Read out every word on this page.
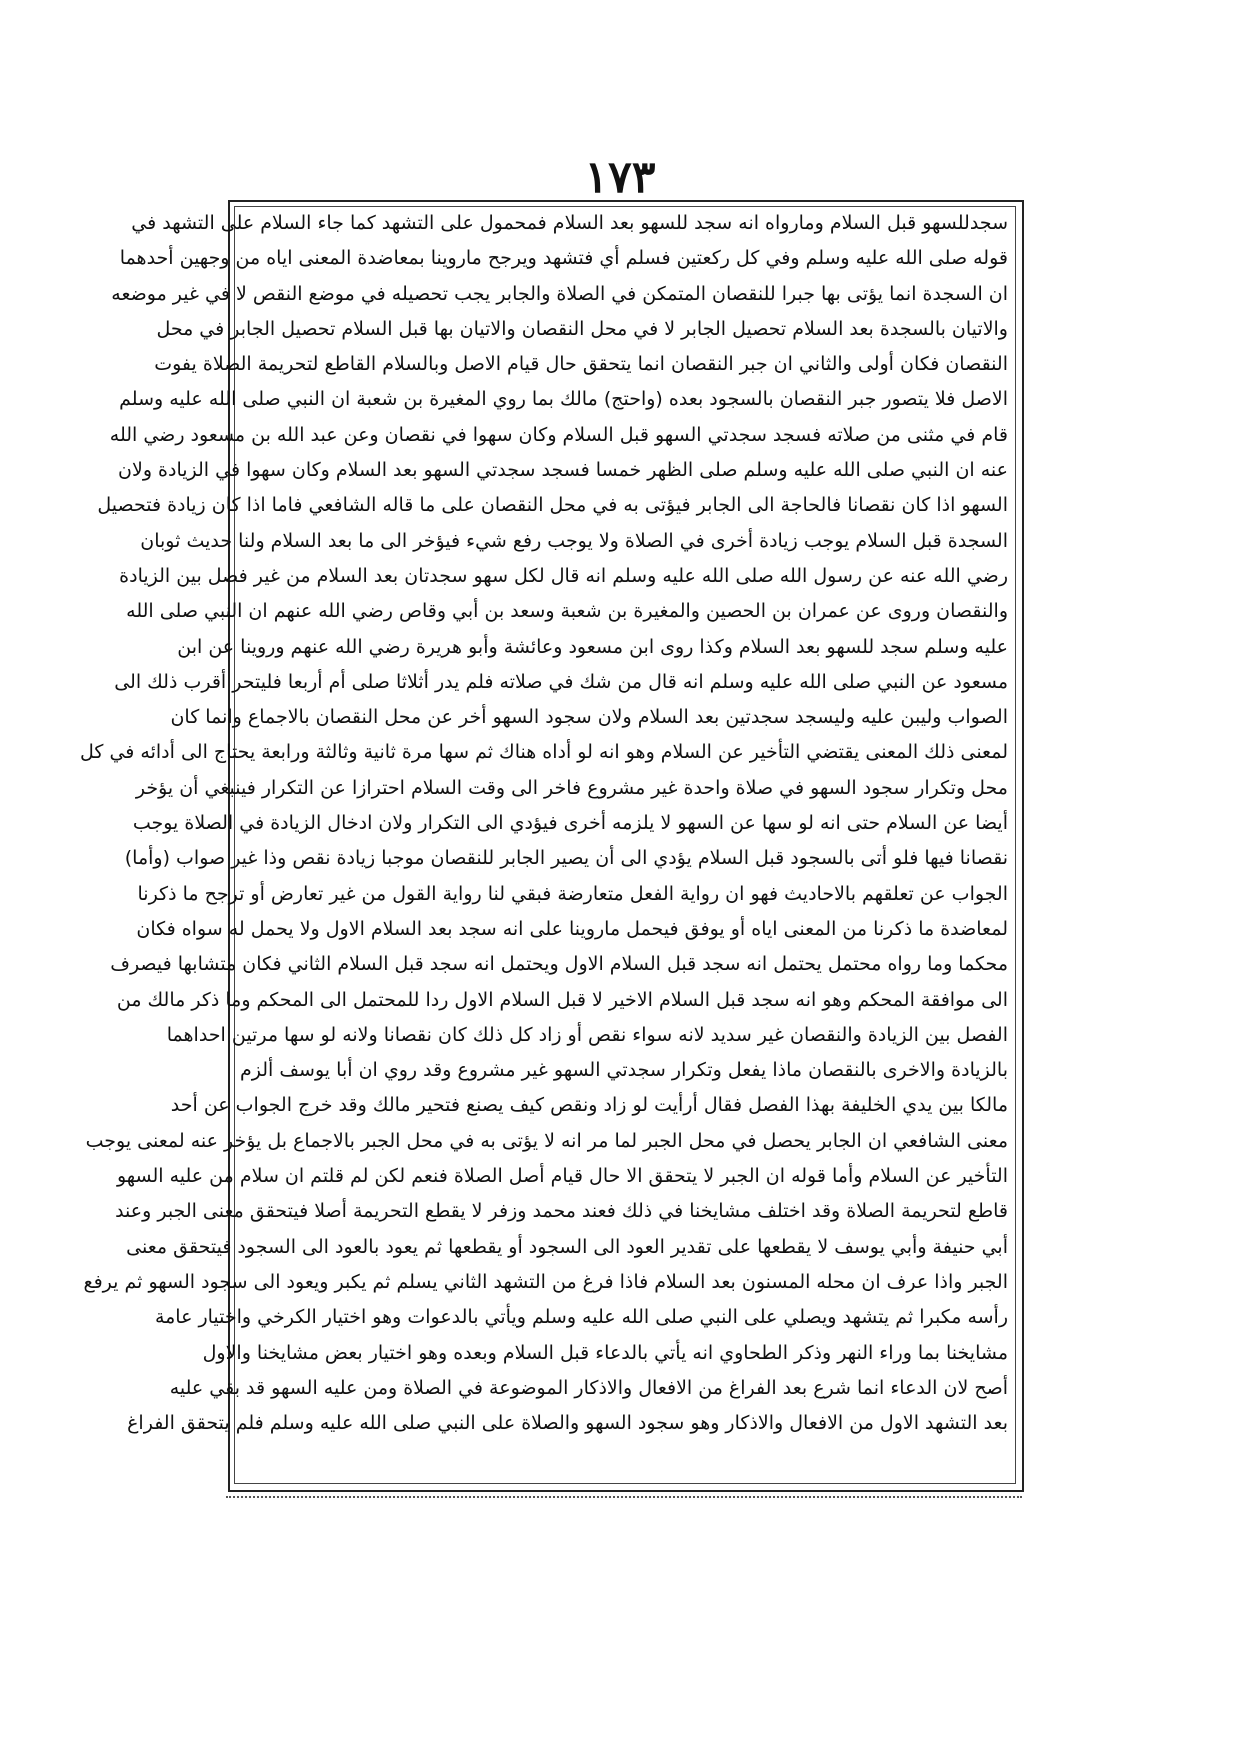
١٧٣
سجدللسهو قبل السلام ومارواه انه سجد للسهو بعد السلام فمحمول على التشهد كما جاء السلام على التشهد في
قوله صلى الله عليه وسلم وفي كل ركعتين فسلم أي فتشهد ويرجح ماروينا بمعاضدة المعنى اياه من وجهين أحدهما
ان السجدة انما يؤتى بها جبرا للنقصان المتمكن في الصلاة والجابر يجب تحصيله في موضع النقص لا في غير موضعه
والاتيان بالسجدة بعد السلام تحصيل الجابر لا في محل النقصان والاتيان بها قبل السلام تحصيل الجابر في محل
النقصان فكان أولى والثاني ان جبر النقصان انما يتحقق حال قيام الاصل وبالسلام القاطع لتحريمة الصلاة يفوت
الاصل فلا يتصور جبر النقصان بالسجود بعده (واحتج) مالك بما روي المغيرة بن شعبة ان النبي صلى الله عليه وسلم
قام في مثنى من صلاته فسجد سجدتي السهو قبل السلام وكان سهوا في نقصان وعن عبد الله بن مسعود رضي الله
عنه ان النبي صلى الله عليه وسلم صلى الظهر خمسا فسجد سجدتي السهو بعد السلام وكان سهوا في الزيادة ولان
السهو اذا كان نقصانا فالحاجة الى الجابر فيؤتى به في محل النقصان على ما قاله الشافعي فاما اذا كان زيادة فتحصيل
السجدة قبل السلام يوجب زيادة أخرى في الصلاة ولا يوجب رفع شيء فيؤخر الى ما بعد السلام ولنا حديث ثوبان
رضي الله عنه عن رسول الله صلى الله عليه وسلم انه قال لكل سهو سجدتان بعد السلام من غير فصل بين الزيادة
والنقصان وروى عن عمران بن الحصين والمغيرة بن شعبة وسعد بن أبي وقاص رضي الله عنهم ان النبي صلى الله
عليه وسلم سجد للسهو بعد السلام وكذا روى ابن مسعود وعائشة وأبو هريرة رضي الله عنهم وروينا عن ابن
مسعود عن النبي صلى الله عليه وسلم انه قال من شك في صلاته فلم يدر أثلاثا صلى أم أربعا فليتحر أقرب ذلك الى
الصواب وليبن عليه وليسجد سجدتين بعد السلام ولان سجود السهو أخر عن محل النقصان بالاجماع وانما كان
لمعنى ذلك المعنى يقتضي التأخير عن السلام وهو انه لو أداه هناك ثم سها مرة ثانية وثالثة ورابعة يحتاج الى أدائه في كل
محل وتكرار سجود السهو في صلاة واحدة غير مشروع فاخر الى وقت السلام احترازا عن التكرار فينبغي أن يؤخر
أيضا عن السلام حتى انه لو سها عن السهو لا يلزمه أخرى فيؤدي الى التكرار ولان ادخال الزيادة في الصلاة يوجب
نقصانا فيها فلو أتى بالسجود قبل السلام يؤدي الى أن يصير الجابر للنقصان موجبا زيادة نقص وذا غير صواب (وأما)
الجواب عن تعلقهم بالاحاديث فهو ان رواية الفعل متعارضة فبقي لنا رواية القول من غير تعارض أو ترجح ما ذكرنا
لمعاضدة ما ذكرنا من المعنى اياه أو يوفق فيحمل ماروينا على انه سجد بعد السلام الاول ولا يحمل له سواه فكان
محكما وما رواه محتمل يحتمل انه سجد قبل السلام الاول ويحتمل انه سجد قبل السلام الثاني فكان متشابها فيصرف
الى موافقة المحكم وهو انه سجد قبل السلام الاخير لا قبل السلام الاول ردا للمحتمل الى المحكم وما ذكر مالك من
الفصل بين الزيادة والنقصان غير سديد لانه سواء نقص أو زاد كل ذلك كان نقصانا ولانه لو سها مرتين احداهما
بالزيادة والاخرى بالنقصان ماذا يفعل وتكرار سجدتي السهو غير مشروع وقد روي ان أبا يوسف ألزم
مالكا بين يدي الخليفة بهذا الفصل فقال أرأيت لو زاد ونقص كيف يصنع فتحير مالك وقد خرج الجواب عن أحد
معنى الشافعي ان الجابر يحصل في محل الجبر لما مر انه لا يؤتى به في محل الجبر بالاجماع بل يؤخر عنه لمعنى يوجب
التأخير عن السلام وأما قوله ان الجبر لا يتحقق الا حال قيام أصل الصلاة فنعم لكن لم قلتم ان سلام من عليه السهو
قاطع لتحريمة الصلاة وقد اختلف مشايخنا في ذلك فعند محمد وزفر لا يقطع التحريمة أصلا فيتحقق معنى الجبر وعند
أبي حنيفة وأبي يوسف لا يقطعها على تقدير العود الى السجود أو يقطعها ثم يعود بالعود الى السجود فيتحقق معنى
الجبر واذا عرف ان محله المسنون بعد السلام فاذا فرغ من التشهد الثاني يسلم ثم يكبر ويعود الى سجود السهو ثم يرفع
رأسه مكبرا ثم يتشهد ويصلي على النبي صلى الله عليه وسلم ويأتي بالدعوات وهو اختيار الكرخي واختيار عامة
مشايخنا بما وراء النهر وذكر الطحاوي انه يأتي بالدعاء قبل السلام وبعده وهو اختيار بعض مشايخنا والاول
أصح لان الدعاء انما شرع بعد الفراغ من الافعال والاذكار الموضوعة في الصلاة ومن عليه السهو قد بقي عليه
بعد التشهد الاول من الافعال والاذكار وهو سجود السهو والصلاة على النبي صلى الله عليه وسلم فلم يتحقق الفراغ
